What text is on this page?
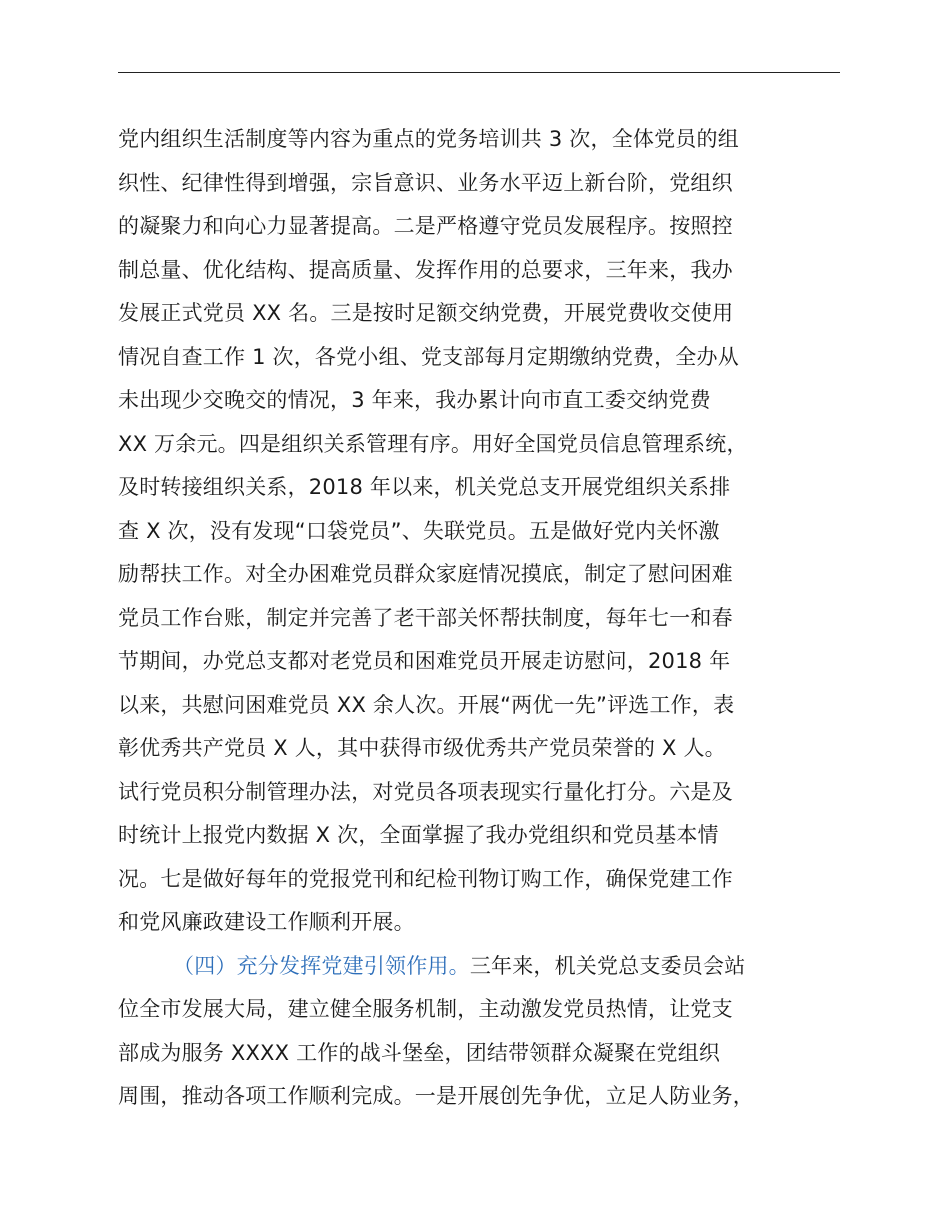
党内组织生活制度等内容为重点的党务培训共 3 次，全体党员的组
织性、纪律性得到增强，宗旨意识、业务水平迈上新台阶，党组织
的凝聚力和向心力显著提高。二是严格遵守党员发展程序。按照控
制总量、优化结构、提高质量、发挥作用的总要求，三年来，我办
发展正式党员 XX 名。三是按时足额交纳党费，开展党费收交使用
情况自查工作 1 次，各党小组、党支部每月定期缴纳党费，全办从
未出现少交晚交的情况，3 年来，我办累计向市直工委交纳党费
XX 万余元。四是组织关系管理有序。用好全国党员信息管理系统，
及时转接组织关系，2018 年以来，机关党总支开展党组织关系排
查 X 次，没有发现“口袋党员”、失联党员。五是做好党内关怀激
励帮扶工作。对全办困难党员群众家庭情况摸底，制定了慰问困难
党员工作台账，制定并完善了老干部关怀帮扶制度，每年七一和春
节期间，办党总支都对老党员和困难党员开展走访慰问，2018 年
以来，共慰问困难党员 XX 余人次。开展“两优一先”评选工作，表
彰优秀共产党员 X 人，其中获得市级优秀共产党员荣誉的 X 人。
试行党员积分制管理办法，对党员各项表现实行量化打分。六是及
时统计上报党内数据 X 次，全面掌握了我办党组织和党员基本情
况。七是做好每年的党报党刊和纪检刊物订购工作，确保党建工作
和党风廉政建设工作顺利开展。
（四）充分发挥党建引领作用。三年来，机关党总支委员会站
位全市发展大局，建立健全服务机制，主动激发党员热情，让党支
部成为服务 XXXX 工作的战斗堡垒，团结带领群众凝聚在党组织
周围，推动各项工作顺利完成。一是开展创先争优，立足人防业务，
